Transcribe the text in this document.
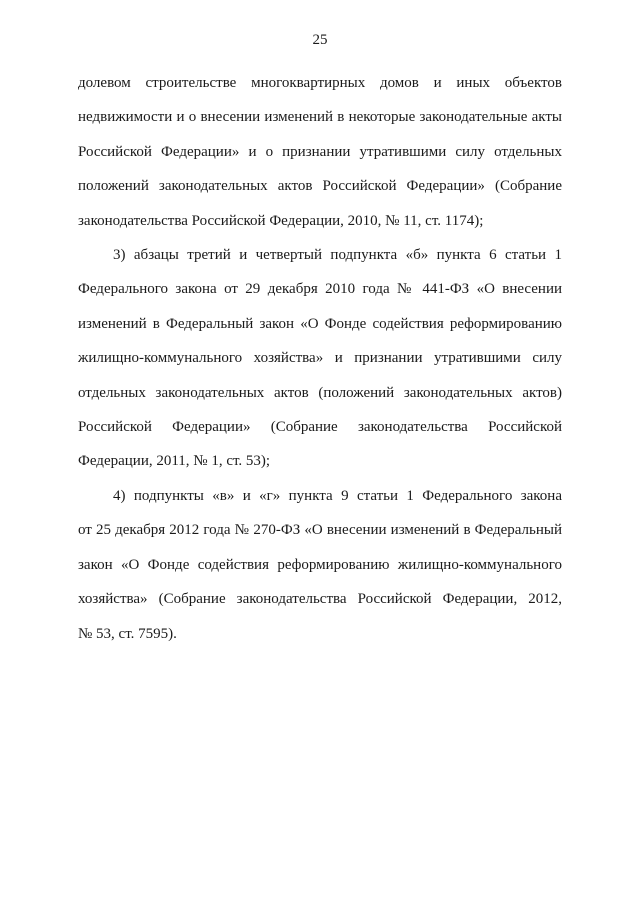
25
долевом строительстве многоквартирных домов и иных объектов
недвижимости и о внесении изменений в некоторые законодательные акты
Российской Федерации» и о признании утратившими силу отдельных
положений законодательных актов Российской Федерации» (Собрание
законодательства Российской Федерации, 2010, № 11, ст. 1174);
3) абзацы третий и четвертый подпункта «б» пункта 6 статьи 1
Федерального закона от 29 декабря 2010 года № 441-ФЗ «О внесении
изменений в Федеральный закон «О Фонде содействия реформированию
жилищно-коммунального хозяйства» и признании утратившими силу
отдельных законодательных актов (положений законодательных актов)
Российской Федерации» (Собрание законодательства Российской
Федерации, 2011, № 1, ст. 53);
4) подпункты «в» и «г» пункта 9 статьи 1 Федерального закона
от 25 декабря 2012 года № 270-ФЗ «О внесении изменений в Федеральный
закон «О Фонде содействия реформированию жилищно-коммунального
хозяйства» (Собрание законодательства Российской Федерации, 2012,
№ 53, ст. 7595).
